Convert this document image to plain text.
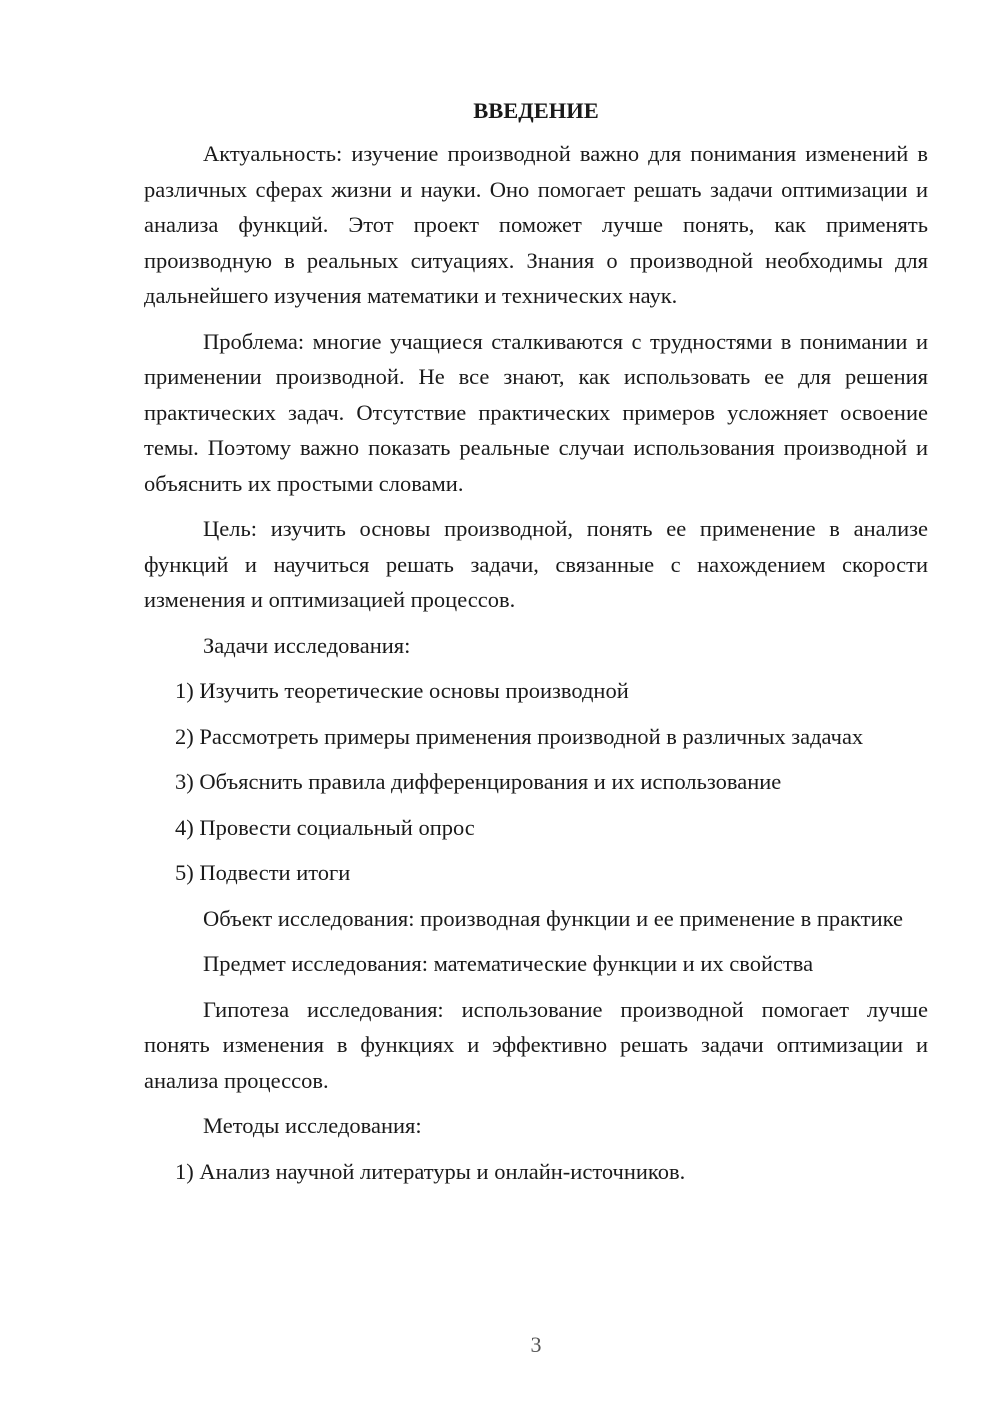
ВВЕДЕНИЕ

Актуальность: изучение производной важно для понимания изменений в различных сферах жизни и науки. Оно помогает решать задачи оптимизации и анализа функций. Этот проект поможет лучше понять, как применять производную в реальных ситуациях. Знания о производной необходимы для дальнейшего изучения математики и технических наук.

Проблема: многие учащиеся сталкиваются с трудностями в понимании и применении производной. Не все знают, как использовать ее для решения практических задач. Отсутствие практических примеров усложняет освоение темы. Поэтому важно показать реальные случаи использования производной и объяснить их простыми словами.

Цель: изучить основы производной, понять ее применение в анализе функций и научиться решать задачи, связанные с нахождением скорости изменения и оптимизацией процессов.

Задачи исследования:

1) Изучить теоретические основы производной

2) Рассмотреть примеры применения производной в различных задачах

3) Объяснить правила дифференцирования и их использование

4) Провести социальный опрос

5) Подвести итоги

Объект исследования: производная функции и ее применение в практике

Предмет исследования: математические функции и их свойства

Гипотеза исследования: использование производной помогает лучше понять изменения в функциях и эффективно решать задачи оптимизации и анализа процессов.

Методы исследования:

1) Анализ научной литературы и онлайн-источников.

3
